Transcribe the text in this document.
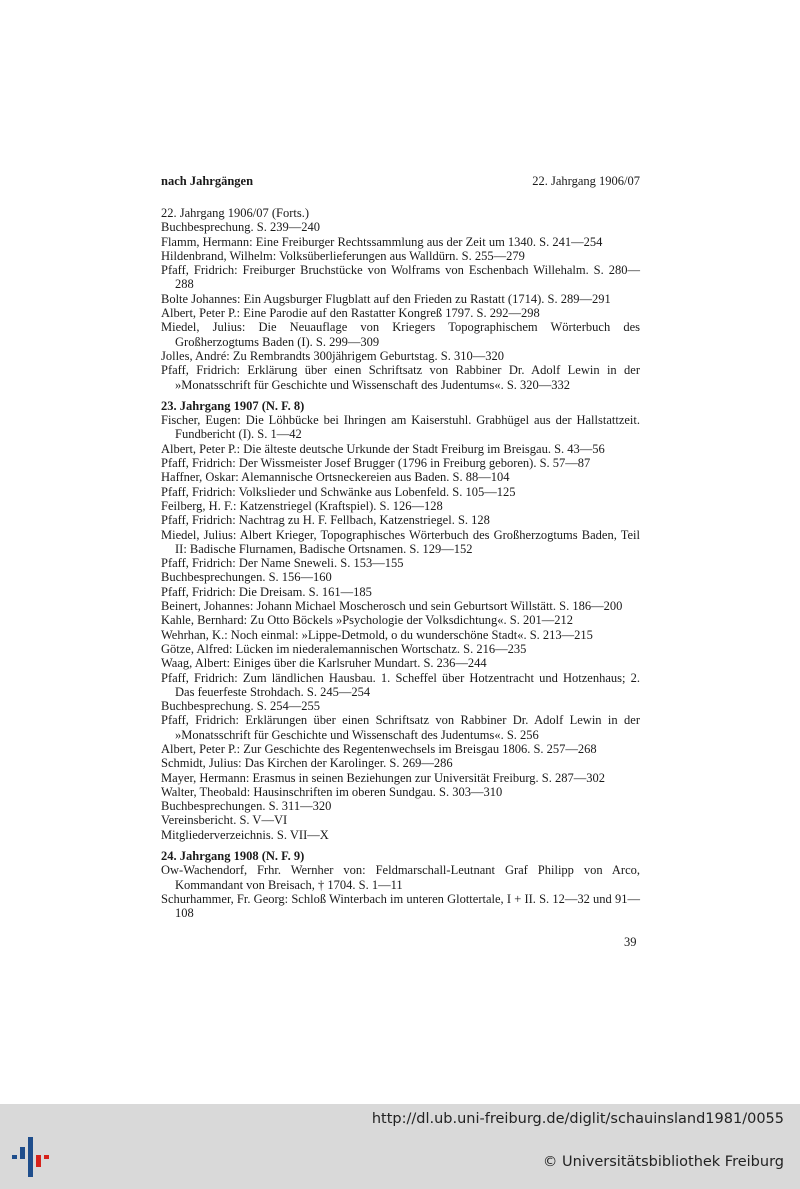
nach Jahrgängen	22. Jahrgang 1906/07

22. Jahrgang 1906/07 (Forts.)

Buchbesprechung. S. 239—240

Flamm, Hermann: Eine Freiburger Rechtssammlung aus der Zeit um 1340. S. 241—254

Hildenbrand, Wilhelm: Volksüberlieferungen aus Walldürn. S. 255—279

Pfaff, Fridrich: Freiburger Bruchstücke von Wolframs von Eschenbach Willehalm. S. 280—288

Bolte Johannes: Ein Augsburger Flugblatt auf den Frieden zu Rastatt (1714). S. 289—291

Albert, Peter P.: Eine Parodie auf den Rastatter Kongreß 1797. S. 292—298

Miedel, Julius: Die Neuauflage von Kriegers Topographischem Wörterbuch des Großherzogtums Baden (I). S. 299—309

Jolles, André: Zu Rembrandts 300jährigem Geburtstag. S. 310—320

Pfaff, Fridrich: Erklärung über einen Schriftsatz von Rabbiner Dr. Adolf Lewin in der »Monatsschrift für Geschichte und Wissenschaft des Judentums«. S. 320—332

23. Jahrgang 1907 (N. F. 8)

Fischer, Eugen: Die Löhbücke bei Ihringen am Kaiserstuhl. Grabhügel aus der Hallstattzeit. Fundbericht (I). S. 1—42

Albert, Peter P.: Die älteste deutsche Urkunde der Stadt Freiburg im Breisgau. S. 43—56

Pfaff, Fridrich: Der Wissmeister Josef Brugger (1796 in Freiburg geboren). S. 57—87

Haffner, Oskar: Alemannische Ortsneckereien aus Baden. S. 88—104

Pfaff, Fridrich: Volkslieder und Schwänke aus Lobenfeld. S. 105—125

Feilberg, H. F.: Katzenstriegel (Kraftspiel). S. 126—128

Pfaff, Fridrich: Nachtrag zu H. F. Fellbach, Katzenstriegel. S. 128

Miedel, Julius: Albert Krieger, Topographisches Wörterbuch des Großherzogtums Baden, Teil II: Badische Flurnamen, Badische Ortsnamen. S. 129—152

Pfaff, Fridrich: Der Name Sneweli. S. 153—155

Buchbesprechungen. S. 156—160

Pfaff, Fridrich: Die Dreisam. S. 161—185

Beinert, Johannes: Johann Michael Moscherosch und sein Geburtsort Willstätt. S. 186—200

Kahle, Bernhard: Zu Otto Böckels »Psychologie der Volksdichtung«. S. 201—212

Wehrhan, K.: Noch einmal: »Lippe-Detmold, o du wunderschöne Stadt«. S. 213—215

Götze, Alfred: Lücken im niederalemannischen Wortschatz. S. 216—235

Waag, Albert: Einiges über die Karlsruher Mundart. S. 236—244

Pfaff, Fridrich: Zum ländlichen Hausbau. 1. Scheffel über Hotzentracht und Hotzenhaus; 2. Das feuerfeste Strohdach. S. 245—254

Buchbesprechung. S. 254—255

Pfaff, Fridrich: Erklärungen über einen Schriftsatz von Rabbiner Dr. Adolf Lewin in der »Monatsschrift für Geschichte und Wissenschaft des Judentums«. S. 256

Albert, Peter P.: Zur Geschichte des Regentenwechsels im Breisgau 1806. S. 257—268

Schmidt, Julius: Das Kirchen der Karolinger. S. 269—286

Mayer, Hermann: Erasmus in seinen Beziehungen zur Universität Freiburg. S. 287—302

Walter, Theobald: Hausinschriften im oberen Sundgau. S. 303—310

Buchbesprechungen. S. 311—320

Vereinsbericht. S. V—VI

Mitgliederverzeichnis. S. VII—X

24. Jahrgang 1908 (N. F. 9)

Ow-Wachendorf, Frhr. Wernher von: Feldmarschall-Leutnant Graf Philipp von Arco, Kommandant von Breisach, † 1704. S. 1—11

Schurhammer, Fr. Georg: Schloß Winterbach im unteren Glottertale, I + II. S. 12—32 und 91—108

39
http://dl.ub.uni-freiburg.de/diglit/schauinsland1981/0055
© Universitätsbibliothek Freiburg
